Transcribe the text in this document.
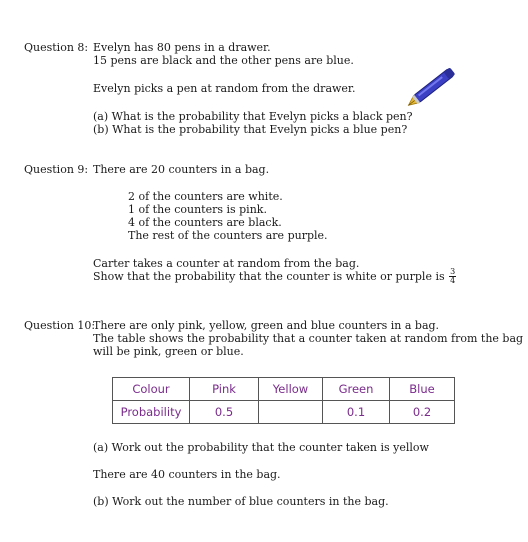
Question 8: Evelyn has 80 pens in a drawer.
15 pens are black and the other pens are blue.
Evelyn picks a pen at random from the drawer.
(a) What is the probability that Evelyn picks a black pen?
(b) What is the probability that Evelyn picks a blue pen?
Question 9: There are 20 counters in a bag.
2 of the counters are white.
1 of the counters is pink.
4 of the counters are black.
The rest of the counters are purple.
Carter takes a counter at random from the bag.
Show that the probability that the counter is white or purple is $\frac{3}{4}$
Question 10:
There are only pink, yellow, green and blue counters in a bag.
The table shows the probability that a counter taken at random from the bag
will be pink, green or blue.
Colour	Pink	Yellow	Green	Blue
Probability	0.5		0.1	0.2
(a) Work out the probability that the counter taken is yellow
There are 40 counters in the bag.
(b) Work out the number of blue counters in the bag.
